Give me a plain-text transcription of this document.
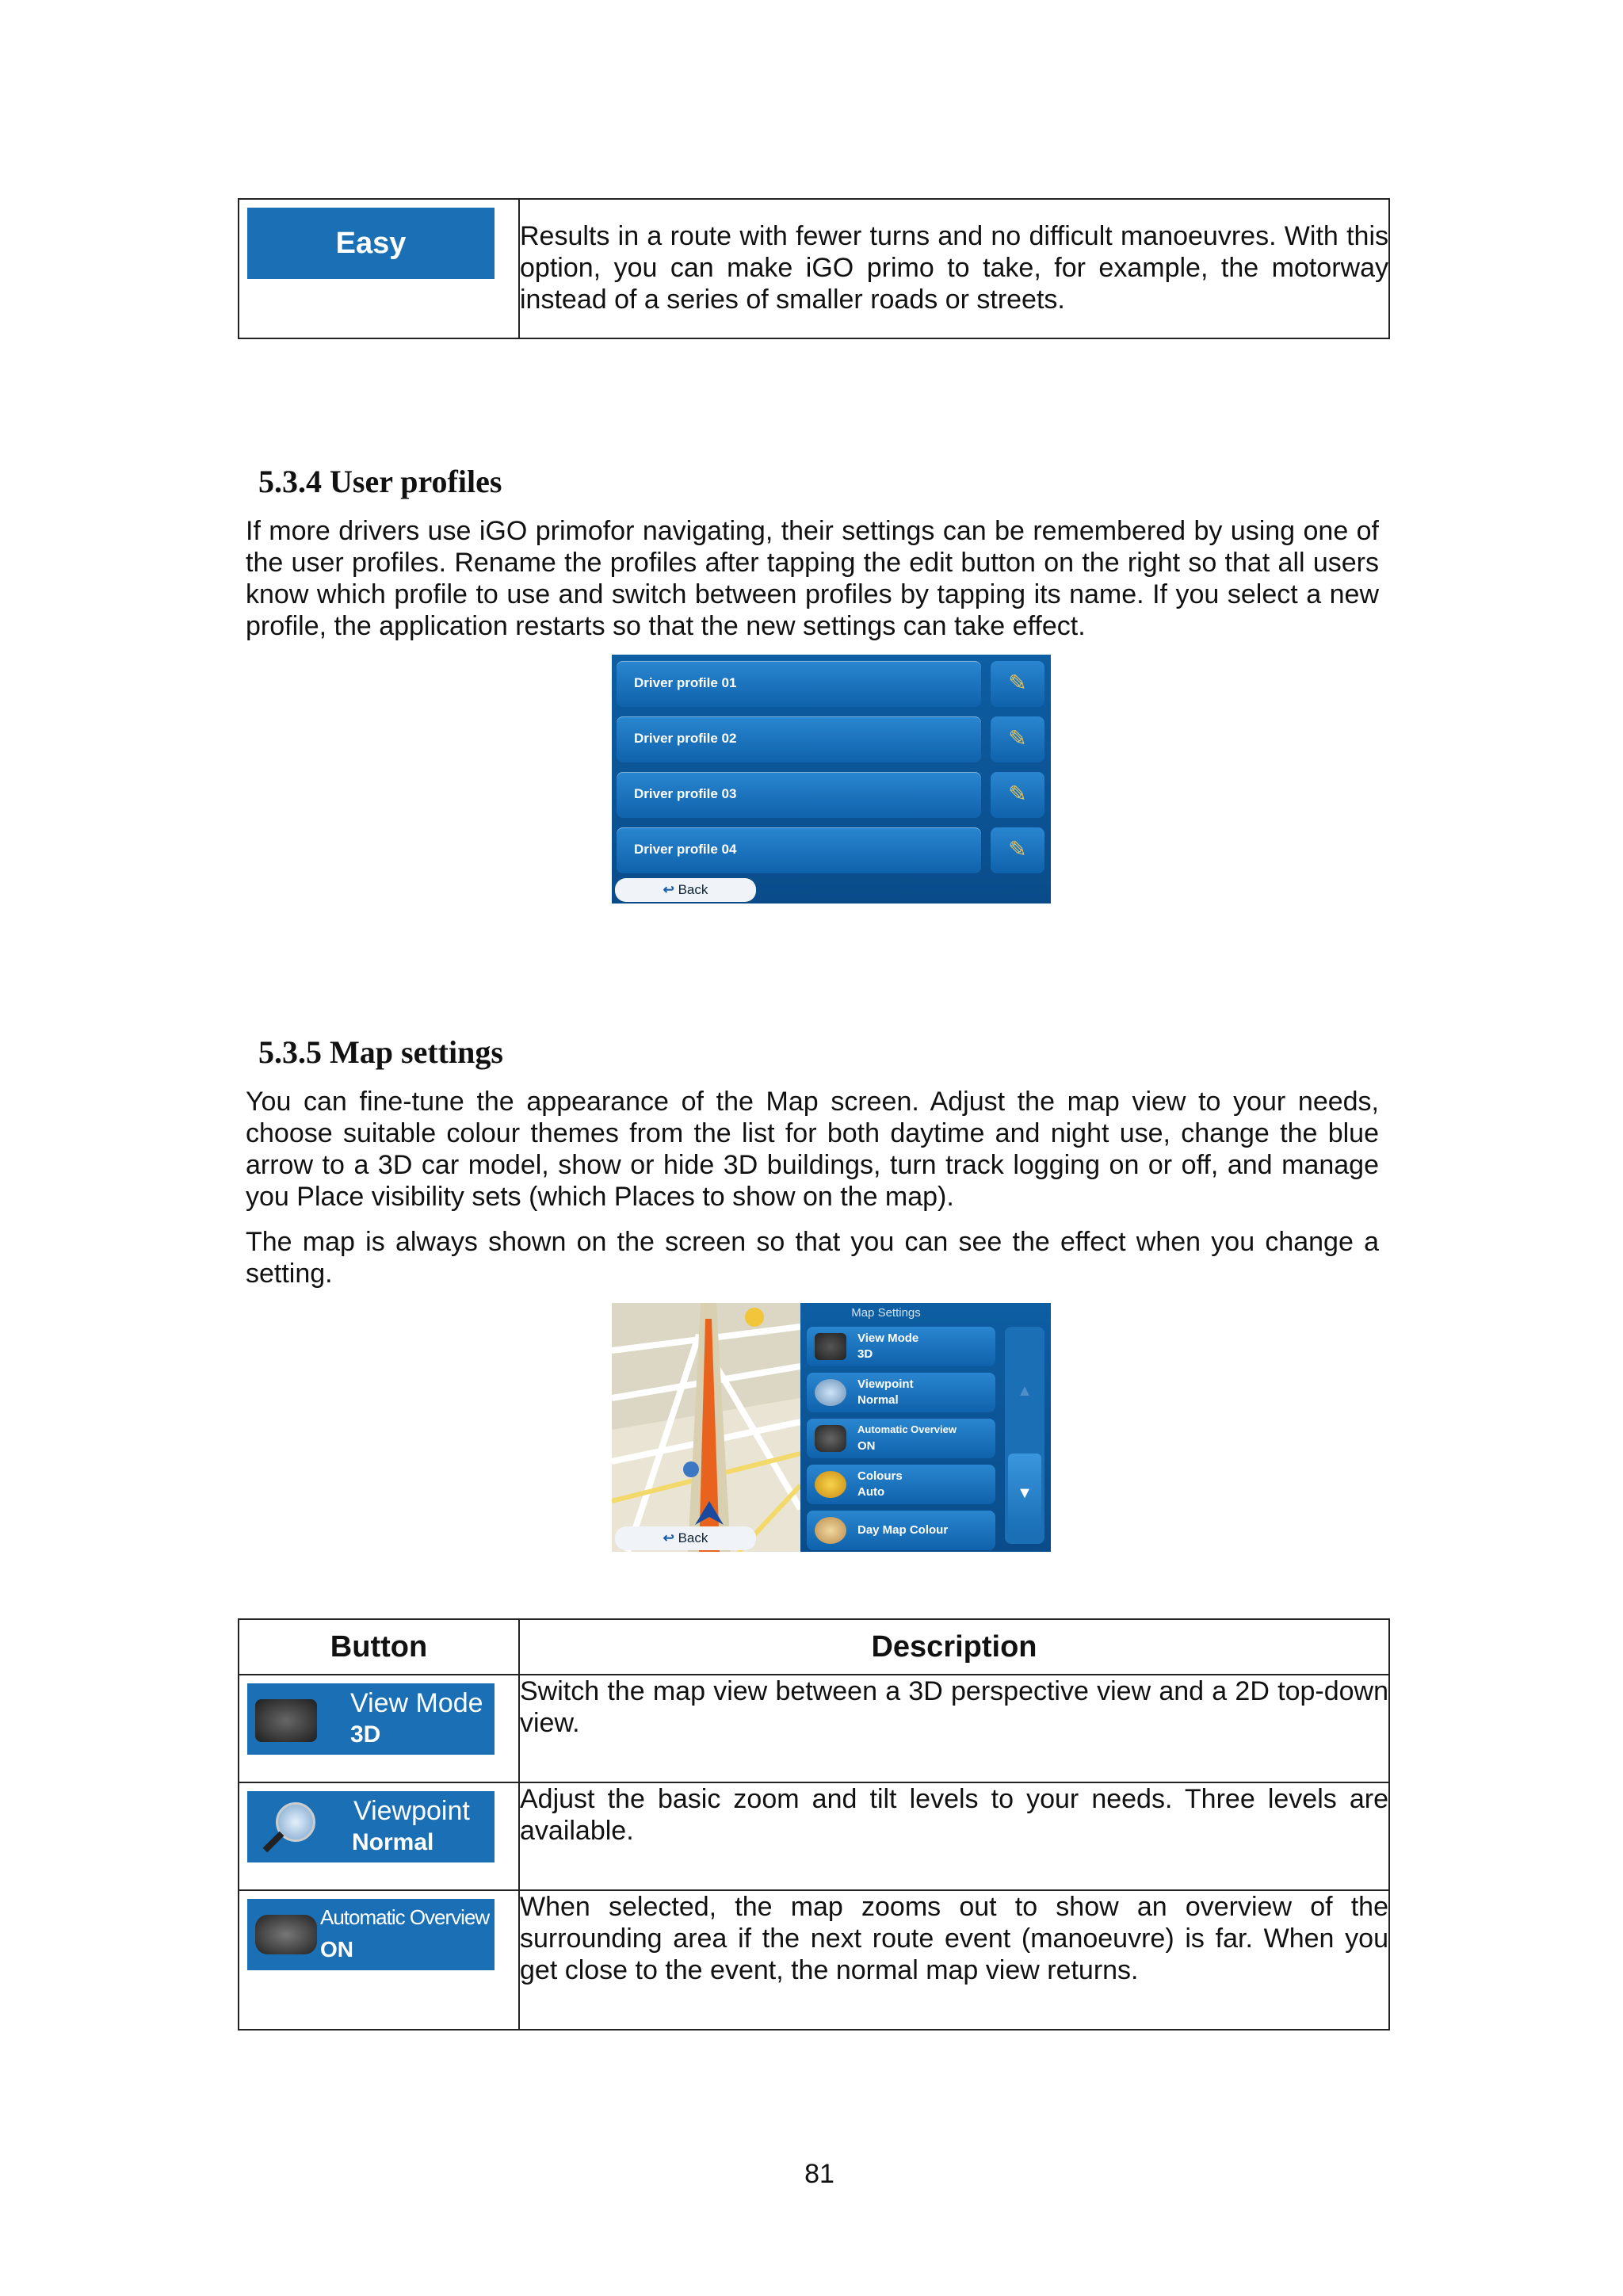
Easy	Results in a route with fewer turns and no difficult manoeuvres. With this option, you can make iGO primo to take, for example, the motorway instead of a series of smaller roads or streets.
5.3.4 User profiles
If more drivers use iGO primofor navigating, their settings can be remembered by using one of the user profiles. Rename the profiles after tapping the edit button on the right so that all users know which profile to use and switch between profiles by tapping its name. If you select a new profile, the application restarts so that the new settings can take effect.
Driver profile 01	✎
Driver profile 02	✎
Driver profile 03	✎
Driver profile 04	✎
↩ Back
5.3.5 Map settings
You can fine-tune the appearance of the Map screen. Adjust the map view to your needs, choose suitable colour themes from the list for both daytime and night use, change the blue arrow to a 3D car model, show or hide 3D buildings, turn track logging on or off, and manage you Place visibility sets (which Places to show on the map).
The map is always shown on the screen so that you can see the effect when you change a setting.
↩ Back
Map Settings
View Mode
3D
Viewpoint
Normal
Automatic Overview
ON
Colours
Auto
Day Map Colour
▲
▼
Button	Description

View Mode
3D	Switch the map view between a 3D perspective view and a 2D top-down view.

Viewpoint
Normal	Adjust the basic zoom and tilt levels to your needs. Three levels are available.

Automatic Overview
ON	When selected, the map zooms out to show an overview of the surrounding area if the next route event (manoeuvre) is far. When you get close to the event, the normal map view returns.
81
